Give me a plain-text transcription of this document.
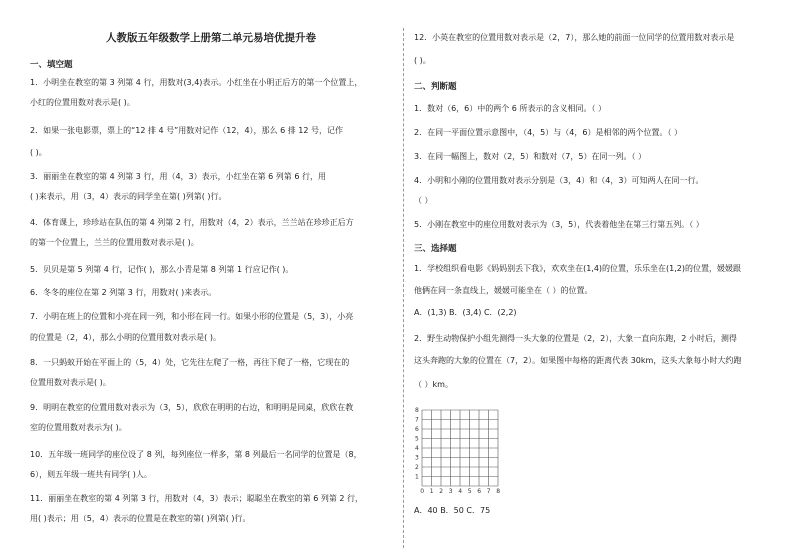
人教版五年级数学上册第二单元易培优提升卷
一、填空题
1．小明坐在教室的第 3 列第 4 行，用数对(3,4)表示。小红坐在小明正后方的第一个位置上，
小红的位置用数对表示是( )。
2．如果一张电影票，票上的“12 排 4 号”用数对记作（12，4），那么 6 排 12 号，记作
( )。
3．丽丽坐在教室的第 4 列第 3 行，用（4，3）表示，小红坐在第 6 列第 6 行，用
( )来表示，用（3，4）表示的同学坐在第( )列第( )行。
4．体育课上，珍珍站在队伍的第 4 列第 2 行，用数对（4，2）表示，兰兰站在珍珍正后方
的第一个位置上，兰兰的位置用数对表示是( )。
5．贝贝是第 5 列第 4 行，记作( )，那么小青是第 8 列第 1 行应记作( )。
6．冬冬的座位在第 2 列第 3 行，用数对( )来表示。
7．小明在班上的位置和小亮在同一列，和小形在同一行。如果小形的位置是（5，3），小亮
的位置是（2，4），那么小明的位置用数对表示是( )。
8．一只蚂蚁开始在平面上的（5，4）处，它先往左爬了一格，再往下爬了一格，它现在的
位置用数对表示是( )。
9．明明在教室的位置用数对表示为（3，5），欣欣在明明的右边，和明明是同桌，欣欣在教
室的位置用数对表示为( )。
10．五年级一班同学的座位设了 8 列，每列座位一样多，第 8 列最后一名同学的位置是（8，
6），则五年级一班共有同学( )人。
11．丽丽坐在教室的第 4 列第 3 行，用数对（4，3）表示；聪聪坐在教室的第 6 列第 2 行，
用( )表示；用（5，4）表示的位置是在教室的第( )列第( )行。
0 1 2 3 4 5 6 7 8
1
2
3
4
5
6
7
8
12．小英在教室的位置用数对表示是（2，7），那么她的前面一位同学的位置用数对表示是
( )。
二、判断题
1．数对（6，6）中的两个 6 所表示的含义相同。（ ）
2．在同一平面位置示意图中，（4，5）与（4，6）是相邻的两个位置。（ ）
3．在同一幅图上，数对（2，5）和数对（7，5）在同一列。（ ）
4．小明和小刚的位置用数对表示分别是（3，4）和（4，3）可知两人在同一行。
（ ）
5．小刚在教室中的座位用数对表示为（3，5），代表着他坐在第三行第五列。（ ）
三、选择题
1．学校组织看电影《妈妈别丢下我》，欢欢坐在(1,4)的位置，乐乐坐在(1,2)的位置，媛媛跟
他俩在同一条直线上，媛媛可能坐在（ ）的位置。
A．(1,3) B．(3,4) C．(2,2)
2．野生动物保护小组先测得一头大象的位置是（2，2），大象一直向东跑，2 小时后，测得
这头奔跑的大象的位置在（7，2）。如果图中每格的距离代表 30km，这头大象每小时大约跑
（ ）km。
A．40 B．50 C．75
